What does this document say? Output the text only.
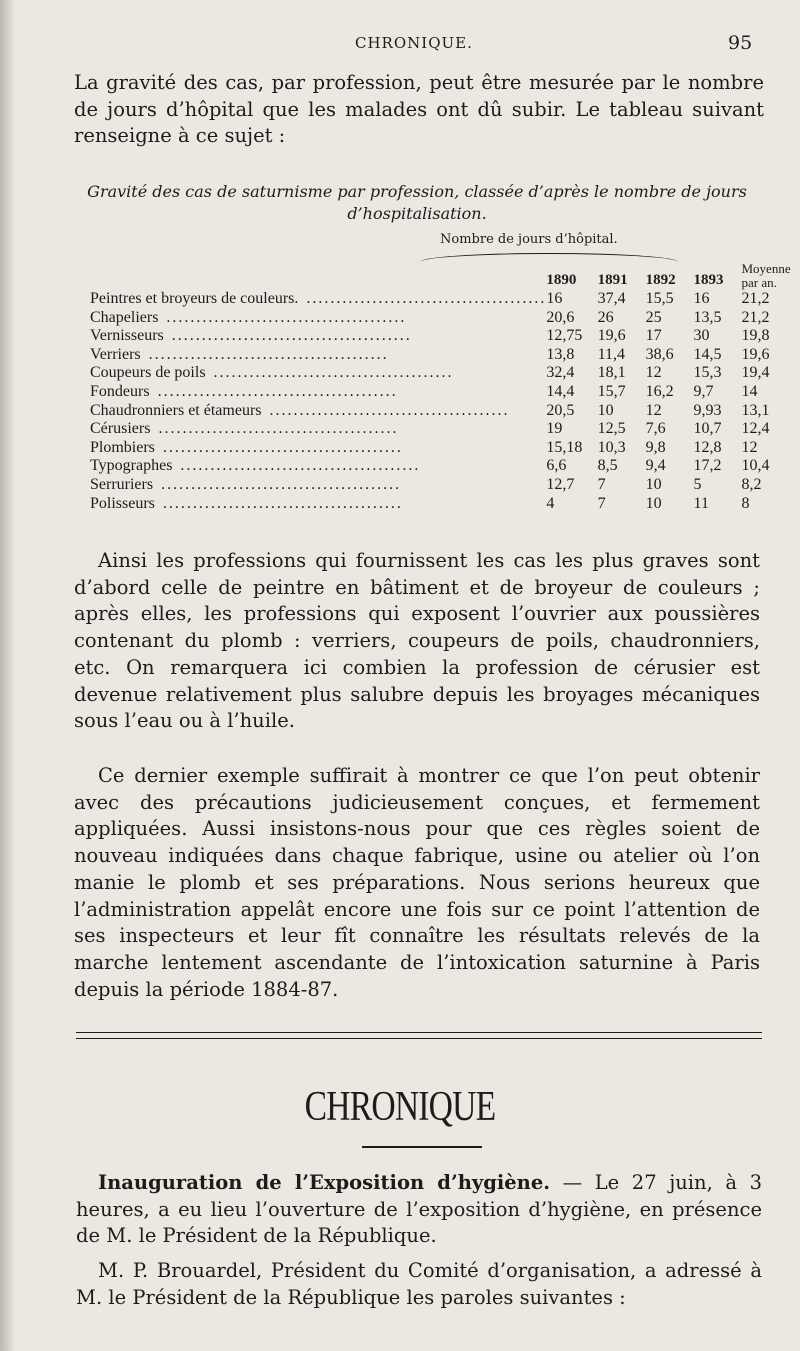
CHRONIQUE.	95

La gravité des cas, par profession, peut être mesurée par le nombre de jours d’hôpital que les malades ont dû subir. Le tableau suivant renseigne à ce sujet :

Gravité des cas de saturnisme par profession, classée d’après le nombre de jours d’hospitalisation.

Nombre de jours d’hôpital.
	1890	1891	1892	1893	Moyenne par an.
Peintres et broyeurs de couleurs. ........................................	16	37,4	15,5	16	21,2
Chapeliers ........................................	20,6	26	25	13,5	21,2
Vernisseurs ........................................	12,75	19,6	17	30	19,8
Verriers ........................................	13,8	11,4	38,6	14,5	19,6
Coupeurs de poils ........................................	32,4	18,1	12	15,3	19,4
Fondeurs ........................................	14,4	15,7	16,2	9,7	14
Chaudronniers et étameurs ........................................	20,5	10	12	9,93	13,1
Cérusiers ........................................	19	12,5	7,6	10,7	12,4
Plombiers ........................................	15,18	10,3	9,8	12,8	12
Typographes ........................................	6,6	8,5	9,4	17,2	10,4
Serruriers ........................................	12,7	7	10	5	8,2
Polisseurs ........................................	4	7	10	11	8

Ainsi les professions qui fournissent les cas les plus graves sont d’abord celle de peintre en bâtiment et de broyeur de couleurs ; après elles, les professions qui exposent l’ouvrier aux poussières contenant du plomb : verriers, coupeurs de poils, chaudronniers, etc. On remarquera ici combien la profession de cérusier est devenue relativement plus salubre depuis les broyages mécaniques sous l’eau ou à l’huile.

Ce dernier exemple suffirait à montrer ce que l’on peut obtenir avec des précautions judicieusement conçues, et fermement appliquées. Aussi insistons-nous pour que ces règles soient de nouveau indiquées dans chaque fabrique, usine ou atelier où l’on manie le plomb et ses préparations. Nous serions heureux que l’administration appelât encore une fois sur ce point l’attention de ses inspecteurs et leur fît connaître les résultats relevés de la marche lentement ascendante de l’intoxication saturnine à Paris depuis la période 1884-87.

CHRONIQUE

Inauguration de l’Exposition d’hygiène. — Le 27 juin, à 3 heures, a eu lieu l’ouverture de l’exposition d’hygiène, en présence de M. le Président de la République.

M. P. Brouardel, Président du Comité d’organisation, a adressé à M. le Président de la République les paroles suivantes :
